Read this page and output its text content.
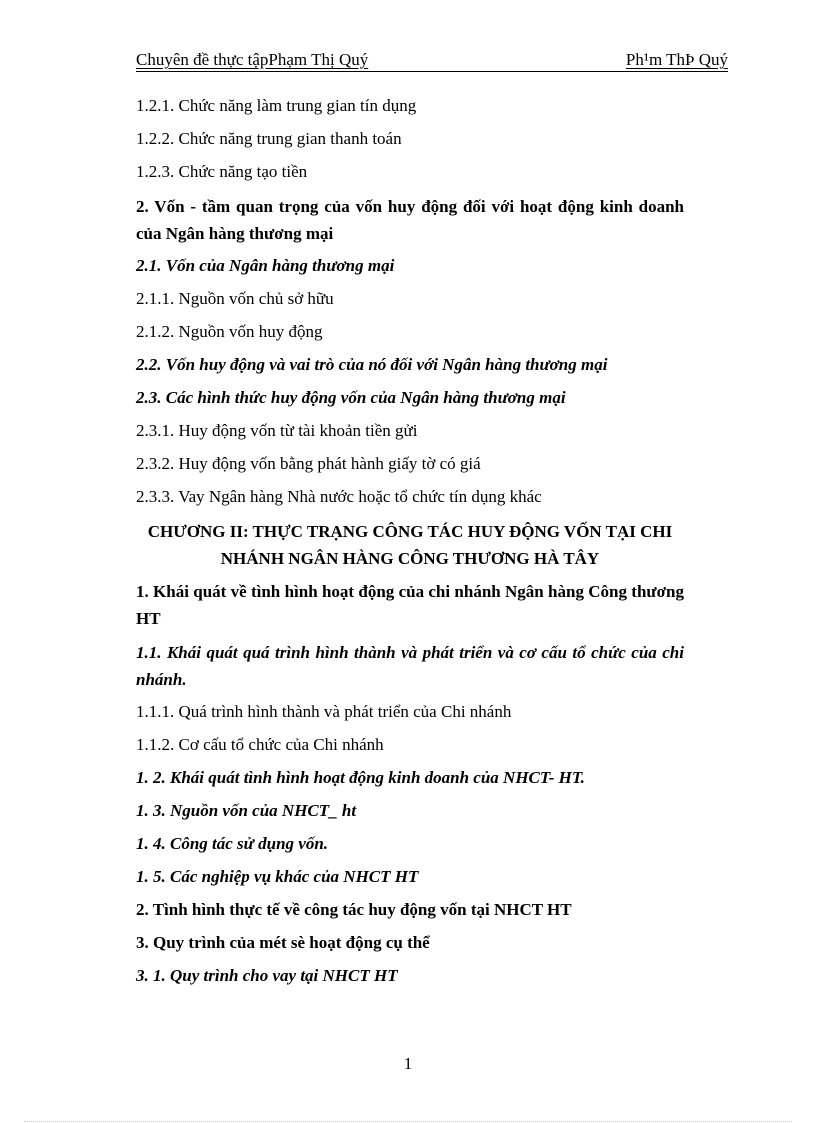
Chuyên đề thực tậpPhạm Thị Quý	Ph¹m ThÞ Quý
1.2.1. Chức năng làm trung gian tín dụng
1.2.2. Chức năng trung gian thanh toán
1.2.3. Chức năng tạo tiền
2. Vốn - tầm quan trọng của vốn huy động đối với hoạt động kinh doanh của Ngân hàng thương mại
2.1. Vốn của Ngân hàng thương mại
2.1.1. Nguồn vốn chủ sở hữu
2.1.2. Nguồn vốn huy động
2.2. Vốn huy động và vai trò của nó đối với Ngân hàng thương mại
2.3. Các hình thức huy động vốn của Ngân hàng thương mại
2.3.1. Huy động vốn từ tài khoản tiền gửi
2.3.2. Huy động vốn bằng phát hành giấy tờ có giá
2.3.3. Vay Ngân hàng Nhà nước hoặc tổ chức tín dụng khác
CHƯƠNG II: THỰC TRẠNG CÔNG TÁC HUY ĐỘNG VỐN TẠI CHI NHÁNH NGÂN HÀNG CÔNG THƯƠNG HÀ TÂY
1. Khái quát về tình hình hoạt động của chi nhánh Ngân hàng Công thương HT
1.1. Khái quát quá trình hình thành và phát triển và cơ cấu tổ chức của chi nhánh.
1.1.1. Quá trình hình thành và phát triển của Chi nhánh
1.1.2. Cơ cấu tổ chức của Chi nhánh
1. 2. Khái quát tình hình hoạt động kinh doanh của NHCT- HT.
1. 3. Nguồn vốn của NHCT_ ht
1. 4. Công tác sử dụng vốn.
1. 5. Các nghiệp vụ khác của NHCT HT
2. Tình hình thực tế về công tác huy động vốn tại NHCT HT
3. Quy trình của mét sè hoạt động cụ thể
3. 1. Quy trình cho vay tại NHCT HT
1
